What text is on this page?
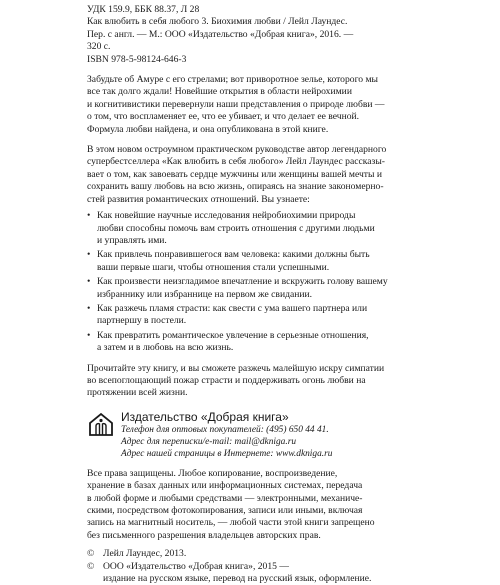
УДК 159.9, ББК 88.37, Л 28
Как влюбить в себя любого 3. Биохимия любви / Лейл Лаундес.
Пер. с англ. — М.: ООО «Издательство «Добрая книга», 2016. —
320 с.
ISBN 978-5-98124-646-3
Забудьте об Амуре с его стрелами; вот приворотное зелье, которого мы
все так долго ждали! Новейшие открытия в области нейрохимии
и когнитивистики перевернули наши представления о природе любви —
о том, что воспламеняет ее, что ее убивает, и что делает ее вечной.
Формула любви найдена, и она опубликована в этой книге.
В этом новом остроумном практическом руководстве автор легендарного
супербестселлера «Как влюбить в себя любого» Лейл Лаундес рассказы-
вает о том, как завоевать сердце мужчины или женщины вашей мечты и
сохранить вашу любовь на всю жизнь, опираясь на знание закономерно-
стей развития романтических отношений. Вы узнаете:
• Как новейшие научные исследования нейробиохимии природы
любви способны помочь вам строить отношения с другими людьми
и управлять ими.
• Как привлечь понравившегося вам человека: какими должны быть
ваши первые шаги, чтобы отношения стали успешными.
• Как произвести неизгладимое впечатление и вскружить голову вашему
избраннику или избраннице на первом же свидании.
• Как разжечь пламя страсти: как свести с ума вашего партнера или
партнершу в постели.
• Как превратить романтическое увлечение в серьезные отношения,
а затем и в любовь на всю жизнь.
Прочитайте эту книгу, и вы сможете разжечь малейшую искру симпатии
во всепоглощающий пожар страсти и поддерживать огонь любви на
протяжении всей жизни.
Издательство «Добрая книга»
Телефон для оптовых покупателей: (495) 650 44 41.
Адрес для переписки/e-mail: mail@dkniga.ru
Адрес нашей страницы в Интернете: www.dkniga.ru
Все права защищены. Любое копирование, воспроизведение,
хранение в базах данных или информационных системах, передача
в любой форме и любыми средствами — электронными, механиче-
скими, посредством фотокопирования, записи или иными, включая
запись на магнитный носитель, — любой части этой книги запрещено
без письменного разрешения владельцев авторских прав.
© Лейл Лаундес, 2013.
© ООО «Издательство «Добрая книга», 2015 —
издание на русском языке, перевод на русский язык, оформление.
